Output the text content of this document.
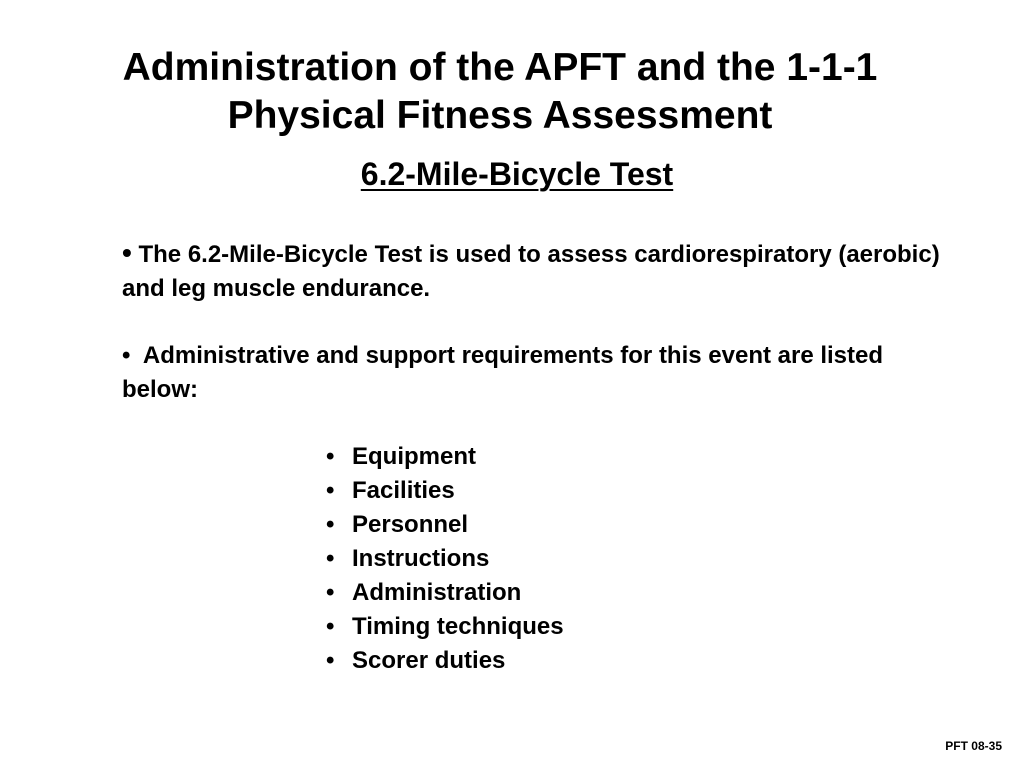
Administration of the APFT and the 1-1-1
Physical Fitness Assessment
6.2-Mile-Bicycle Test

• The 6.2-Mile-Bicycle Test is used to assess cardiorespiratory (aerobic) and leg muscle endurance.

• Administrative and support requirements for this event are listed below:

• Equipment
• Facilities
• Personnel
• Instructions
• Administration
• Timing techniques
• Scorer duties
PFT 08-35
